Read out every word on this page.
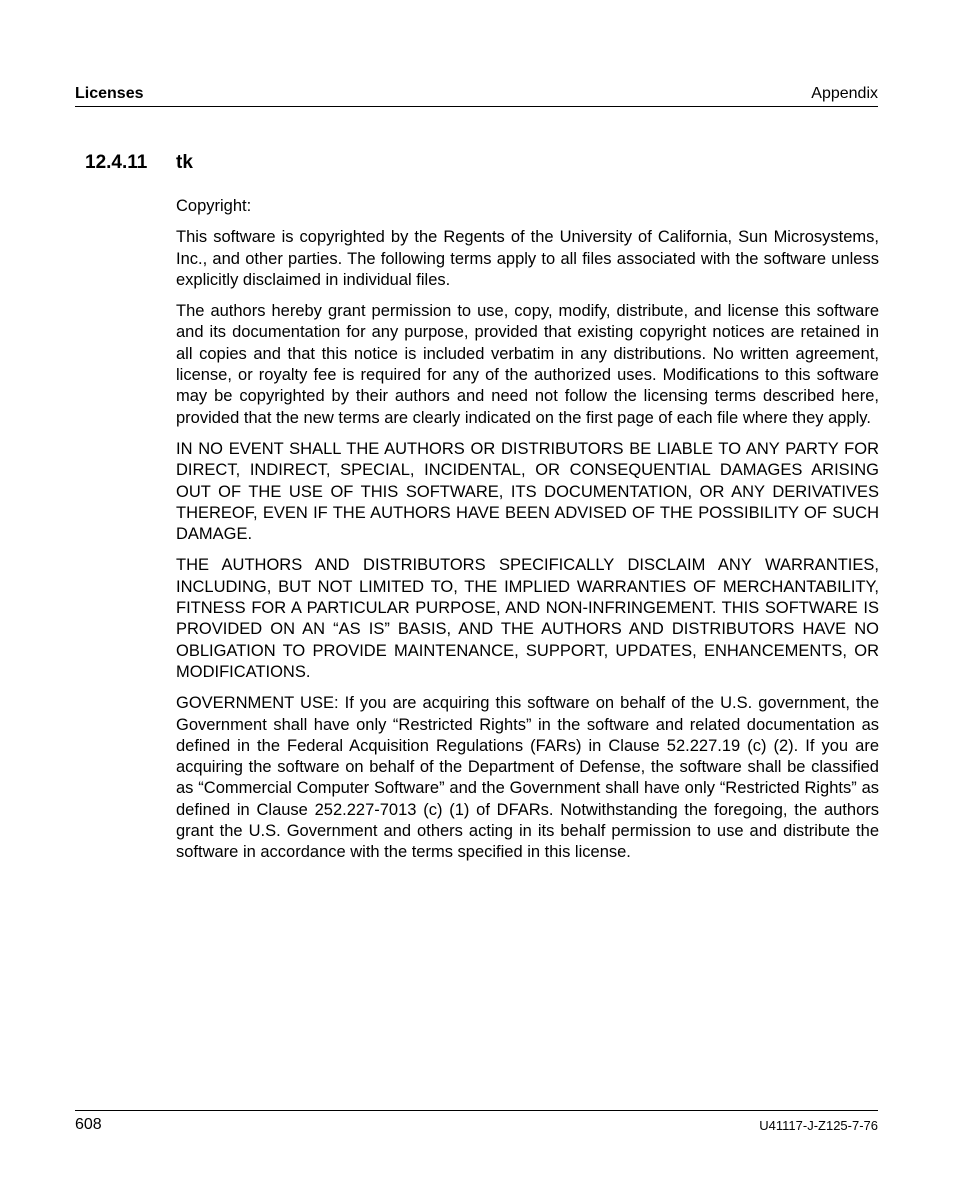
Licenses	Appendix
12.4.11 tk

Copyright:

This software is copyrighted by the Regents of the University of California, Sun Microsystems, Inc., and other parties. The following terms apply to all files associated with the software unless explicitly disclaimed in individual files.

The authors hereby grant permission to use, copy, modify, distribute, and license this software and its documentation for any purpose, provided that existing copyright notices are retained in all copies and that this notice is included verbatim in any distributions. No written agreement, license, or royalty fee is required for any of the authorized uses. Modifications to this software may be copyrighted by their authors and need not follow the licensing terms described here, provided that the new terms are clearly indicated on the first page of each file where they apply.

IN NO EVENT SHALL THE AUTHORS OR DISTRIBUTORS BE LIABLE TO ANY PARTY FOR DIRECT, INDIRECT, SPECIAL, INCIDENTAL, OR CONSEQUENTIAL DAMAGES ARISING OUT OF THE USE OF THIS SOFTWARE, ITS DOCUMENTATION, OR ANY DERIVATIVES THEREOF, EVEN IF THE AUTHORS HAVE BEEN ADVISED OF THE POSSIBILITY OF SUCH DAMAGE.

THE AUTHORS AND DISTRIBUTORS SPECIFICALLY DISCLAIM ANY WARRANTIES, INCLUDING, BUT NOT LIMITED TO, THE IMPLIED WARRANTIES OF MERCHANTABILITY, FITNESS FOR A PARTICULAR PURPOSE, AND NON-INFRINGEMENT. THIS SOFTWARE IS PROVIDED ON AN “AS IS” BASIS, AND THE AUTHORS AND DISTRIBUTORS HAVE NO OBLIGATION TO PROVIDE MAINTENANCE, SUPPORT, UPDATES, ENHANCEMENTS, OR MODIFICATIONS.

GOVERNMENT USE: If you are acquiring this software on behalf of the U.S. government, the Government shall have only “Restricted Rights” in the software and related documentation as defined in the Federal Acquisition Regulations (FARs) in Clause 52.227.19 (c) (2). If you are acquiring the software on behalf of the Department of Defense, the software shall be classified as “Commercial Computer Software” and the Government shall have only “Restricted Rights” as defined in Clause 252.227-7013 (c) (1) of DFARs. Notwithstanding the foregoing, the authors grant the U.S. Government and others acting in its behalf permission to use and distribute the software in accordance with the terms specified in this license.

608	U41117-J-Z125-7-76
